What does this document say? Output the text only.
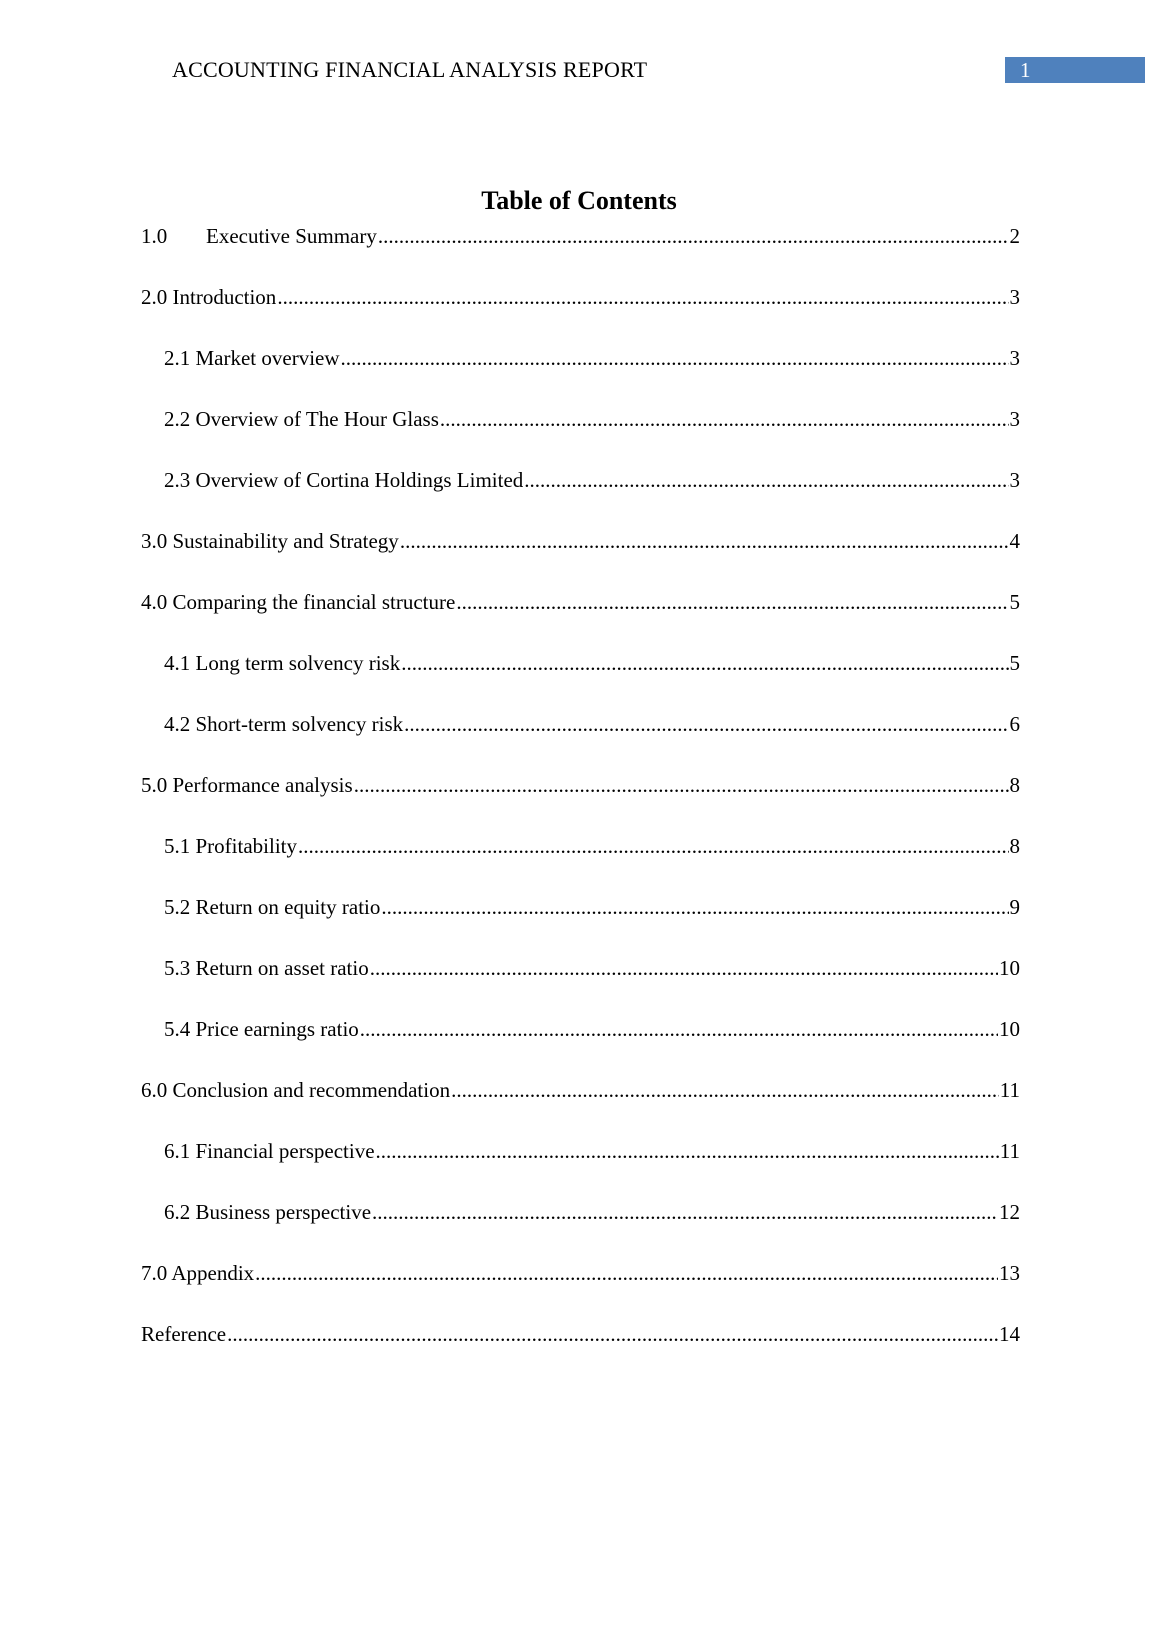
ACCOUNTING FINANCIAL ANALYSIS REPORT	1
Table of Contents
1.0	Executive Summary .....	2
2.0 Introduction .....	3
2.1 Market overview .....	3
2.2 Overview of The Hour Glass .....	3
2.3 Overview of Cortina Holdings Limited .....	3
3.0 Sustainability and Strategy .....	4
4.0 Comparing the financial structure .....	5
4.1 Long term solvency risk .....	5
4.2 Short-term solvency risk .....	6
5.0 Performance analysis .....	8
5.1 Profitability .....	8
5.2 Return on equity ratio .....	9
5.3 Return on asset ratio .....	10
5.4 Price earnings ratio .....	10
6.0 Conclusion and recommendation .....	11
6.1 Financial perspective .....	11
6.2 Business perspective .....	12
7.0 Appendix .....	13
Reference .....	14
